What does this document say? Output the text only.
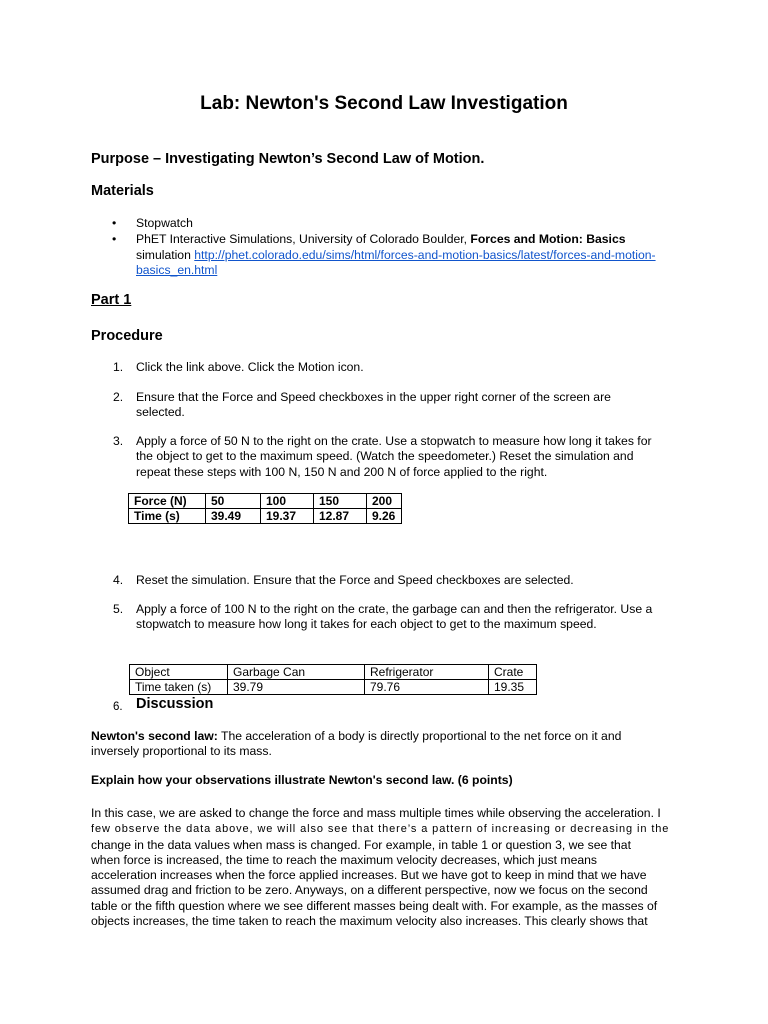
Lab: Newton's Second Law Investigation
Purpose – Investigating Newton’s Second Law of Motion.
Materials
• Stopwatch
• PhET Interactive Simulations, University of Colorado Boulder, Forces and Motion: Basics
simulation http://phet.colorado.edu/sims/html/forces-and-motion-basics/latest/forces-and-motion-
basics_en.html
Part 1
Procedure
1. Click the link above. Click the Motion icon.
2. Ensure that the Force and Speed checkboxes in the upper right corner of the screen are
selected.
3. Apply a force of 50 N to the right on the crate. Use a stopwatch to measure how long it takes for
the object to get to the maximum speed. (Watch the speedometer.) Reset the simulation and
repeat these steps with 100 N, 150 N and 200 N of force applied to the right.
Force (N)	50	100	150	200
Time (s)	39.49	19.37	12.87	9.26
4. Reset the simulation. Ensure that the Force and Speed checkboxes are selected.
5. Apply a force of 100 N to the right on the crate, the garbage can and then the refrigerator. Use a
stopwatch to measure how long it takes for each object to get to the maximum speed.
Object	Garbage Can	Refrigerator	Crate
Time taken (s)	39.79	79.76	19.35
6. Discussion
Newton's second law: The acceleration of a body is directly proportional to the net force on it and
inversely proportional to its mass.
Explain how your observations illustrate Newton's second law. (6 points)
In this case, we are asked to change the force and mass multiple times while observing the acceleration. I
few observe the data above, we will also see that there’s a pattern of increasing or decreasing in the
change in the data values when mass is changed. For example, in table 1 or question 3, we see that
when force is increased, the time to reach the maximum velocity decreases, which just means
acceleration increases when the force applied increases. But we have got to keep in mind that we have
assumed drag and friction to be zero. Anyways, on a different perspective, now we focus on the second
table or the fifth question where we see different masses being dealt with. For example, as the masses of
objects increases, the time taken to reach the maximum velocity also increases. This clearly shows that
